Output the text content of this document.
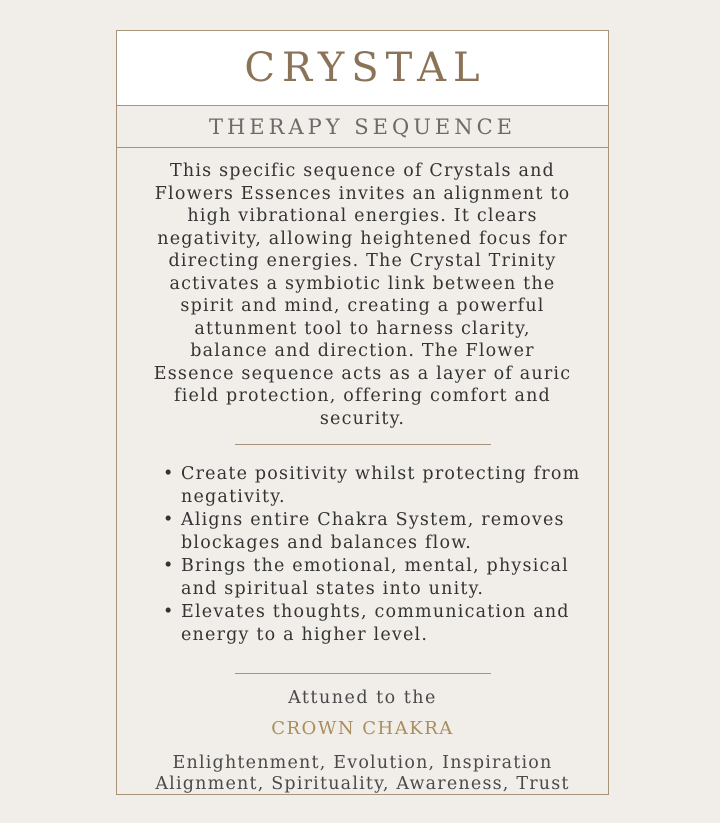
CRYSTAL
THERAPY SEQUENCE

This specific sequence of Crystals and Flowers Essences invites an alignment to high vibrational energies. It clears negativity, allowing heightened focus for directing energies. The Crystal Trinity activates a symbiotic link between the spirit and mind, creating a powerful attunment tool to harness clarity, balance and direction. The Flower Essence sequence acts as a layer of auric field protection, offering comfort and security.

• Create positivity whilst protecting from negativity.
• Aligns entire Chakra System, removes blockages and balances flow.
• Brings the emotional, mental, physical and spiritual states into unity.
• Elevates thoughts, communication and energy to a higher level.
Attuned to the
CROWN CHAKRA
Enlightenment, Evolution, Inspiration
Alignment, Spirituality, Awareness, Trust
